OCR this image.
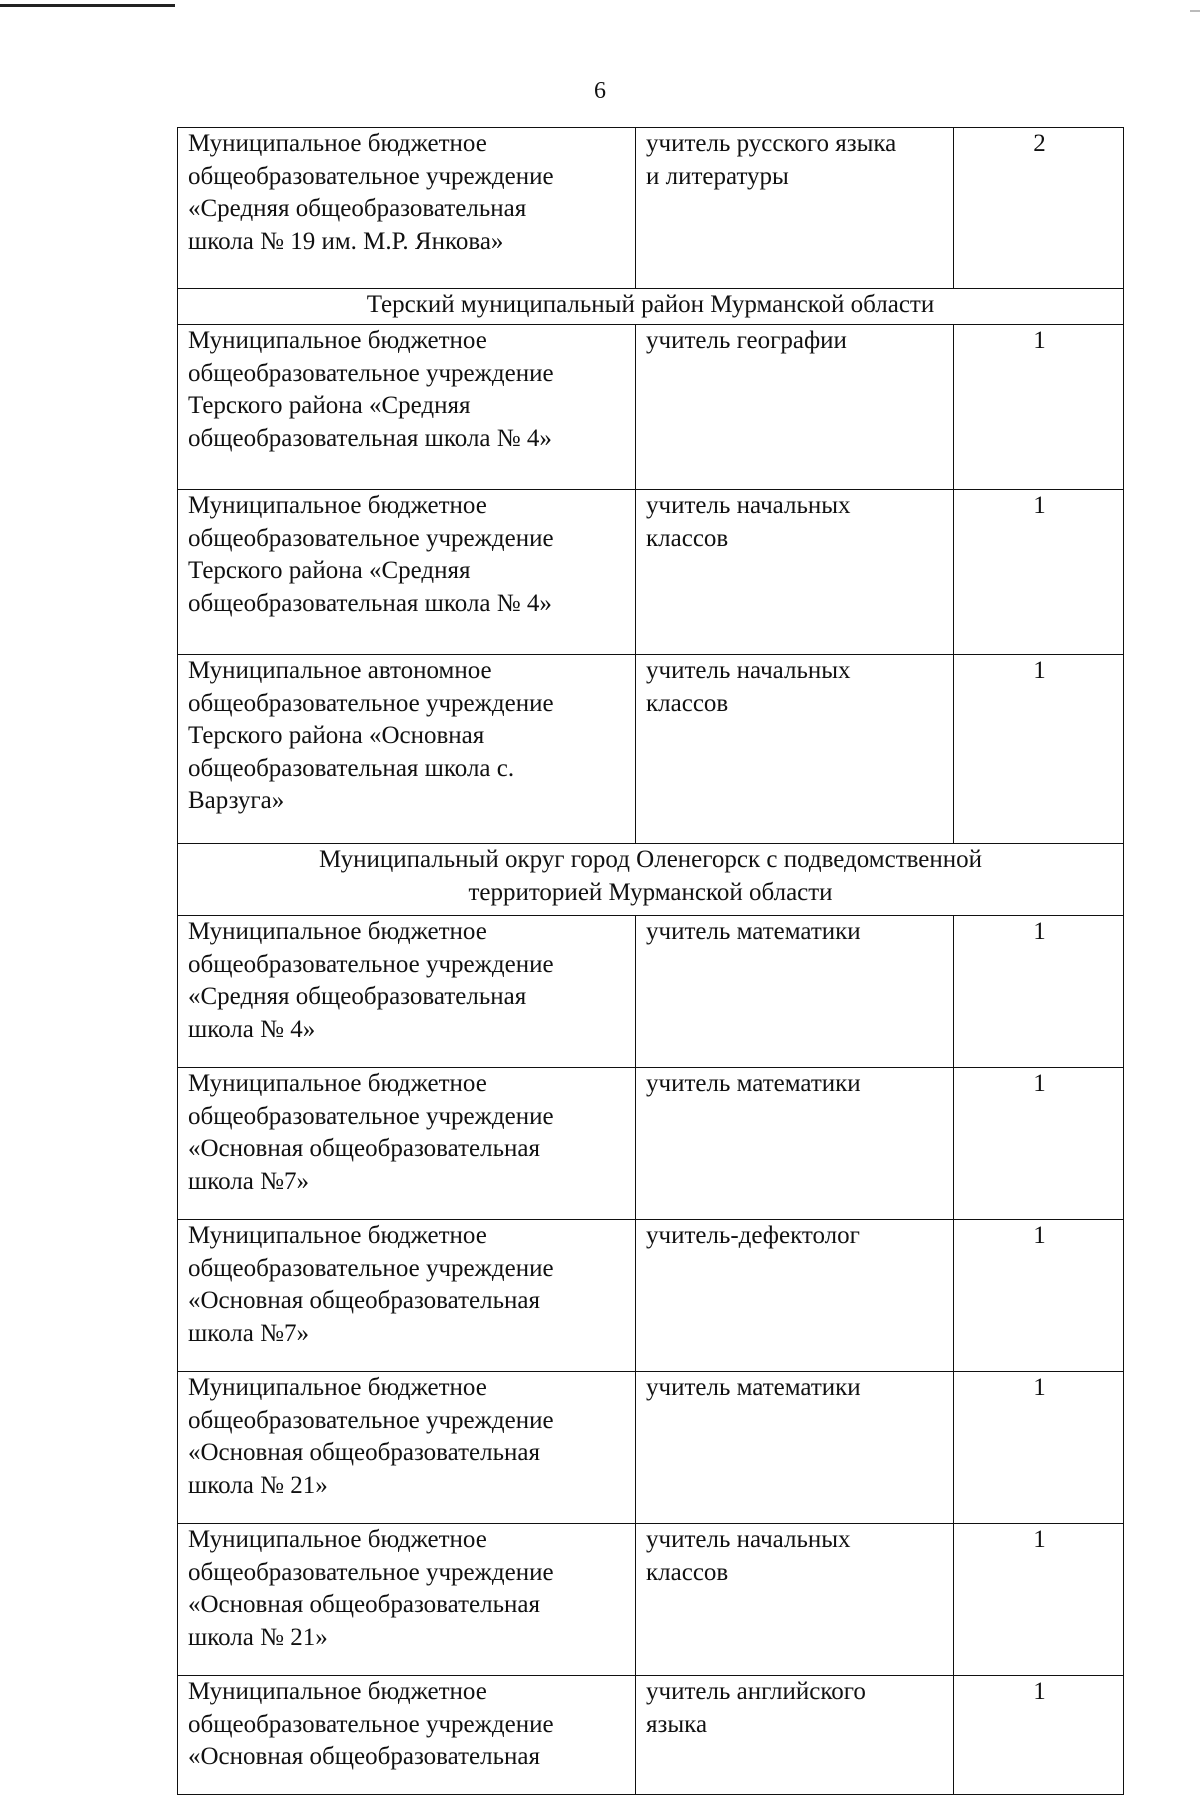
6
Муниципальное бюджетное
общеобразовательное учреждение
«Средняя общеобразовательная
школа № 19 им. М.Р. Янкова»	учитель русского языка
и литературы	2

Терский муниципальный район Мурманской области		

Муниципальное бюджетное
общеобразовательное учреждение
Терского района «Средняя
общеобразовательная школа № 4»	учитель географии	1

Муниципальное бюджетное
общеобразовательное учреждение
Терского района «Средняя
общеобразовательная школа № 4»	учитель начальных
классов	1

Муниципальное автономное
общеобразовательное учреждение
Терского района «Основная
общеобразовательная школа с.
Варзуга»	учитель начальных
классов	1

Муниципальный округ город Оленегорск с подведомственной
территорией Мурманской области		

Муниципальное бюджетное
общеобразовательное учреждение
«Средняя общеобразовательная
школа № 4»	учитель математики	1

Муниципальное бюджетное
общеобразовательное учреждение
«Основная общеобразовательная
школа №7»	учитель математики	1

Муниципальное бюджетное
общеобразовательное учреждение
«Основная общеобразовательная
школа №7»	учитель-дефектолог	1

Муниципальное бюджетное
общеобразовательное учреждение
«Основная общеобразовательная
школа № 21»	учитель математики	1

Муниципальное бюджетное
общеобразовательное учреждение
«Основная общеобразовательная
школа № 21»	учитель начальных
классов	1

Муниципальное бюджетное
общеобразовательное учреждение
«Основная общеобразовательная	учитель английского
языка	1
